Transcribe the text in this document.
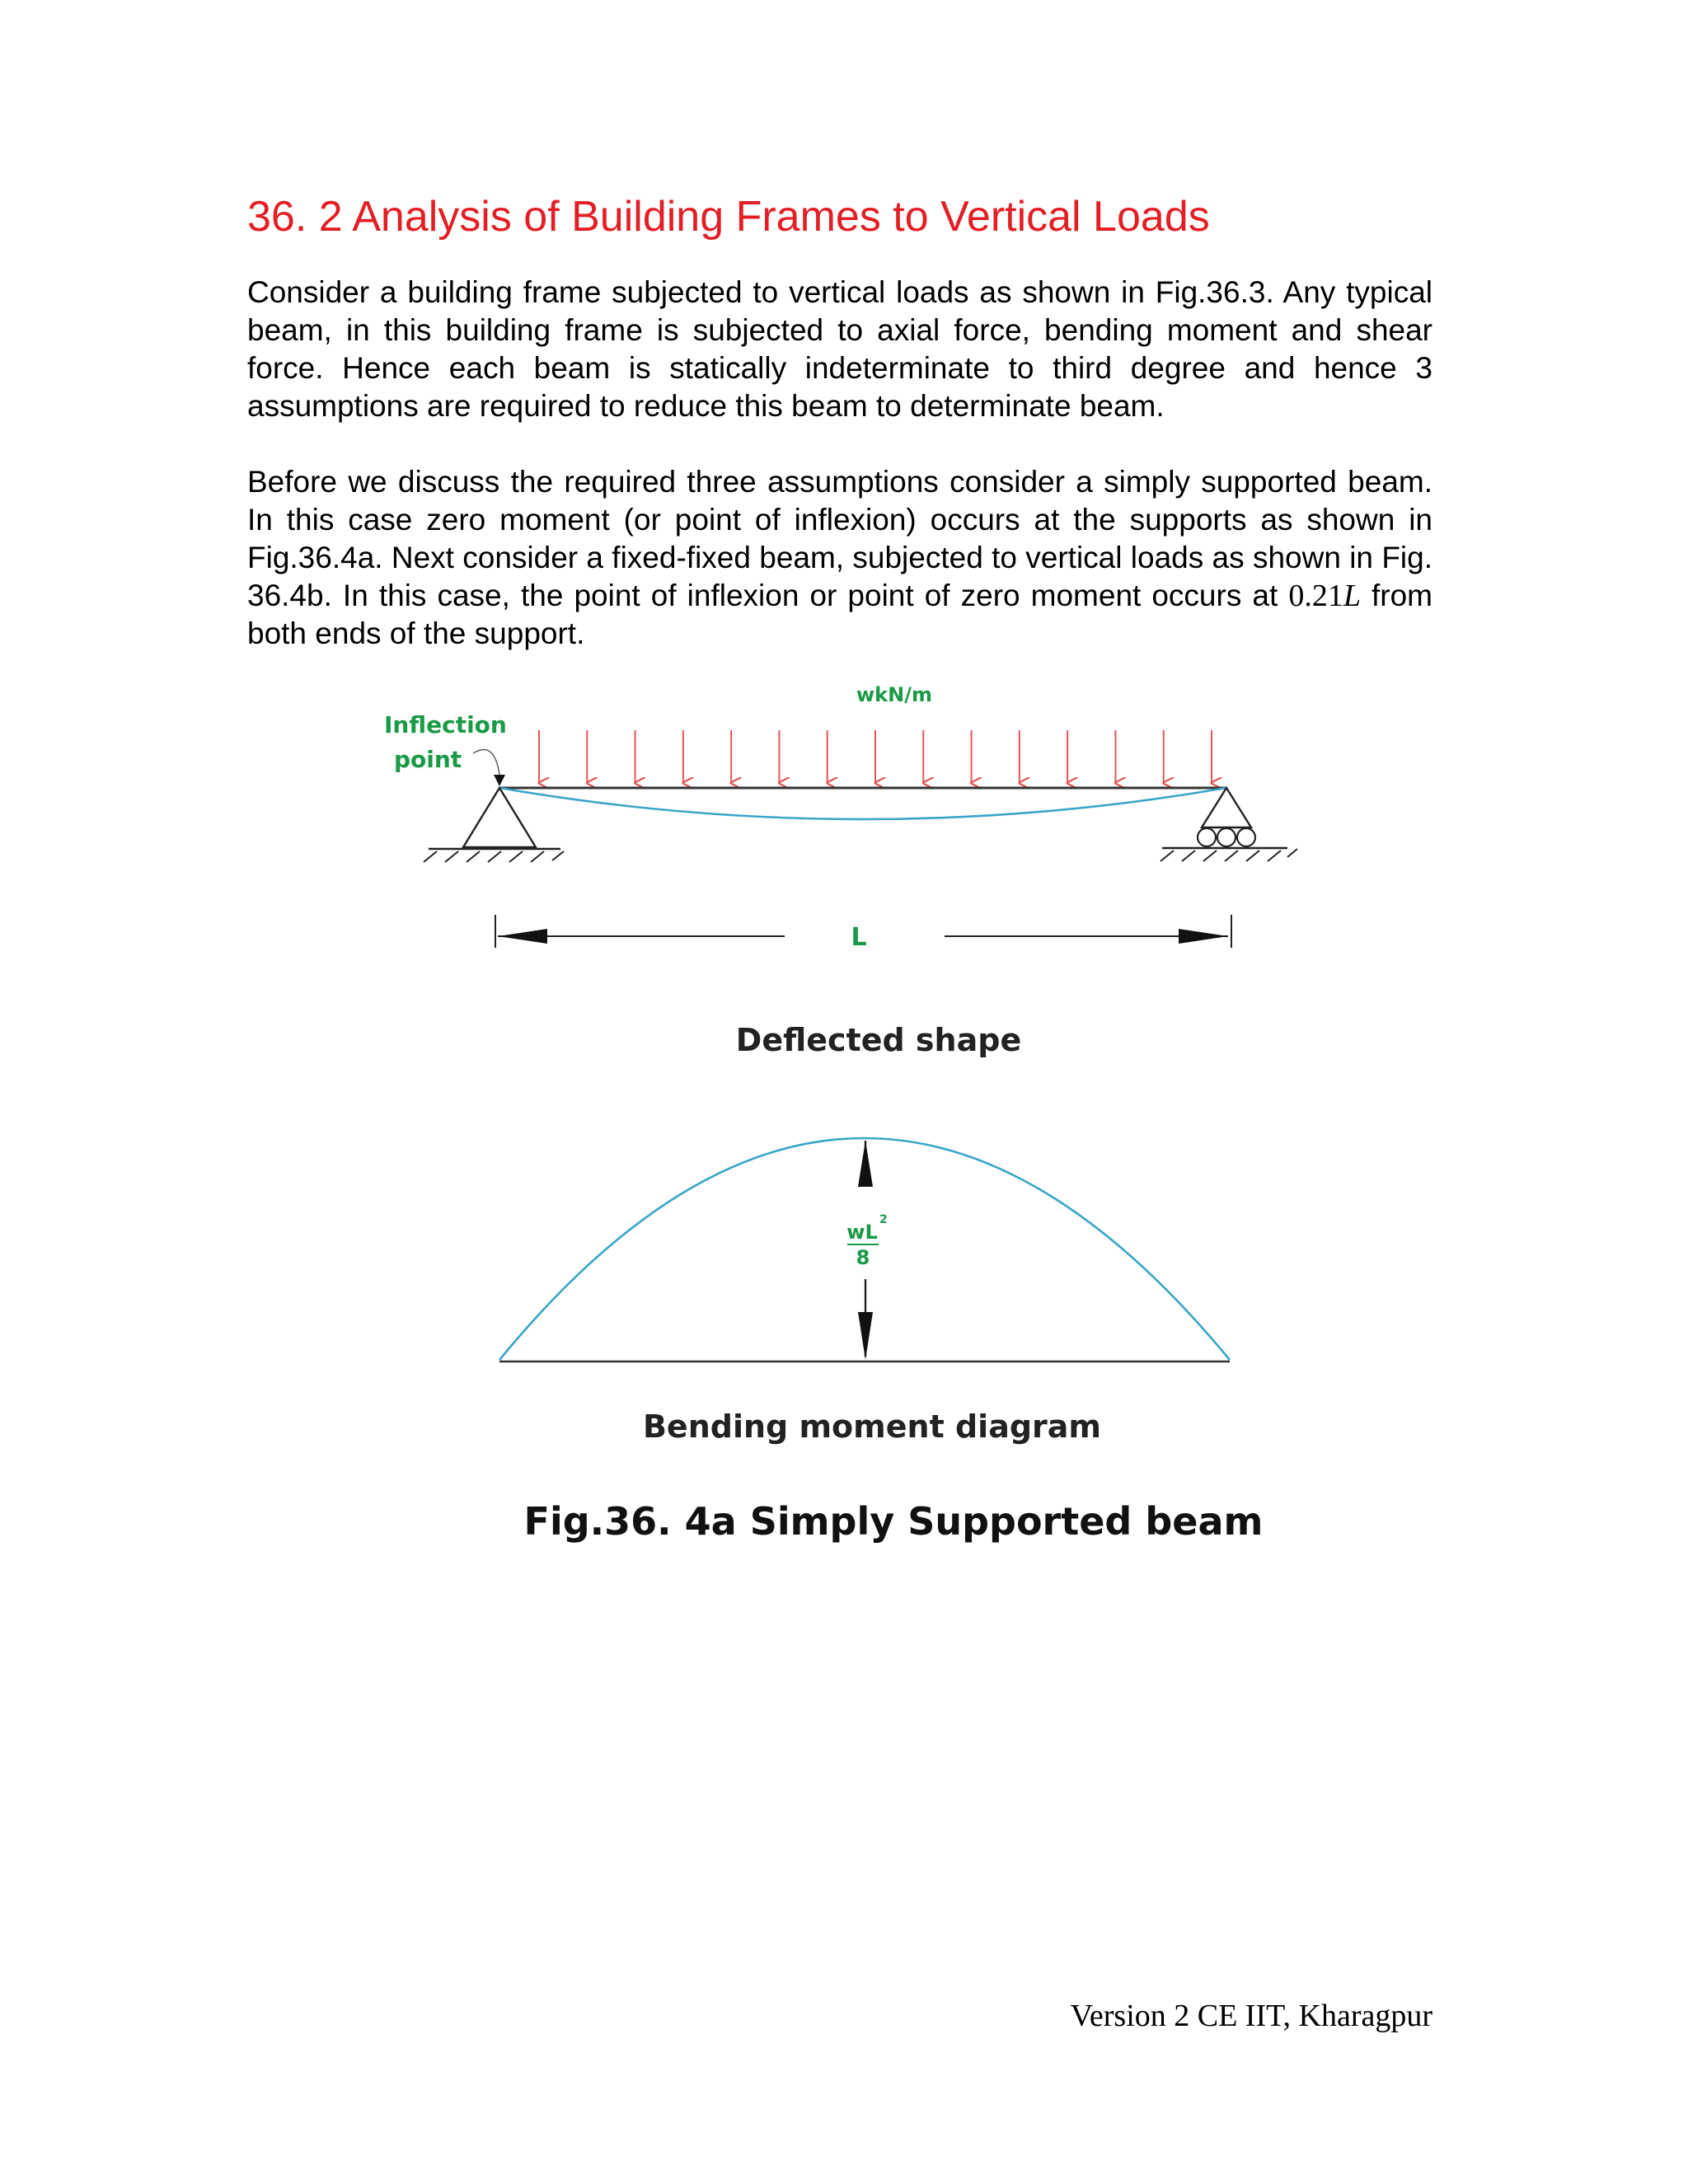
36. 2 Analysis of Building Frames to Vertical Loads

Consider a building frame subjected to vertical loads as shown in Fig.36.3. Any typical beam, in this building frame is subjected to axial force, bending moment and shear force. Hence each beam is statically indeterminate to third degree and hence 3 assumptions are required to reduce this beam to determinate beam.

Before we discuss the required three assumptions consider a simply supported beam. In this case zero moment (or point of inflexion) occurs at the supports as shown in Fig.36.4a. Next consider a fixed-fixed beam, subjected to vertical loads as shown in Fig. 36.4b. In this case, the point of inflexion or point of zero moment occurs at 0.21L from both ends of the support.

wkN/m
Inflection
point
L
Deflected shape
wL
2
8
Bending moment diagram
Fig.36. 4a Simply Supported beam
Version 2 CE IIT, Kharagpur
